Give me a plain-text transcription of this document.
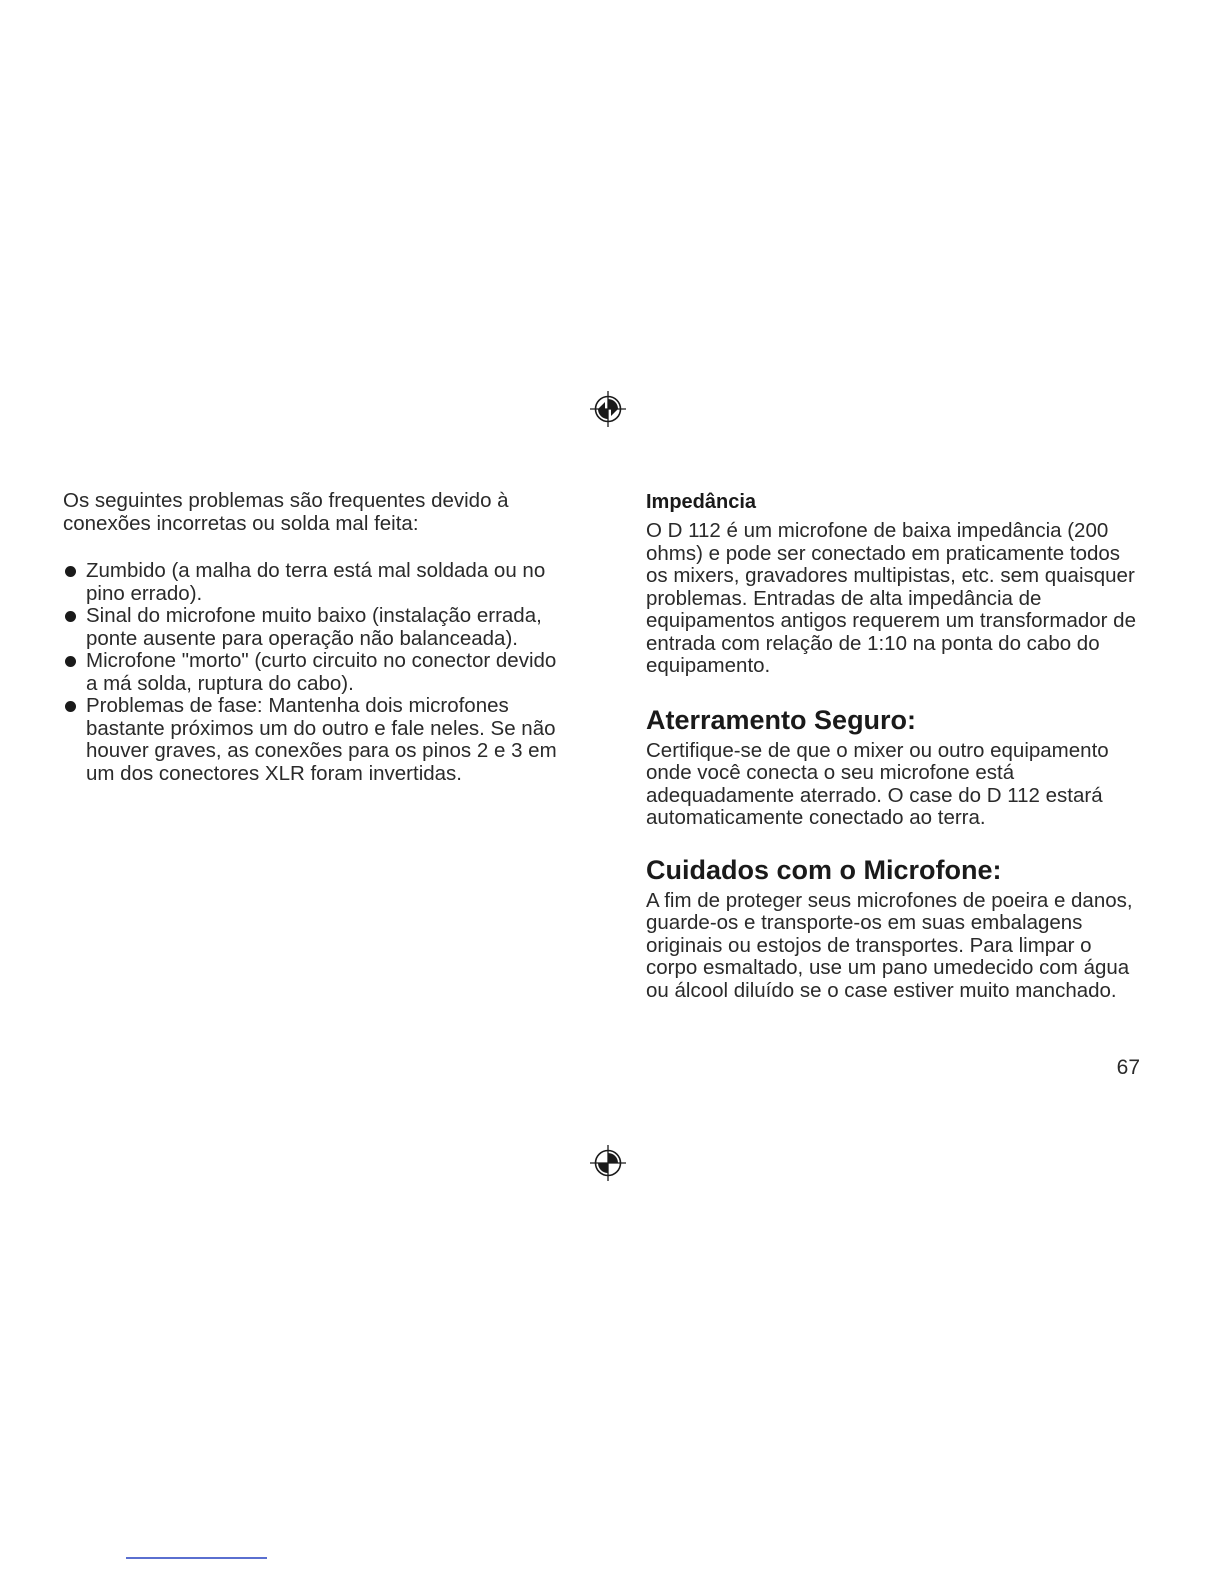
Os seguintes problemas são frequentes devido à conexões incorretas ou solda mal feita:

Zumbido (a malha do terra está mal soldada ou no pino errado).
Sinal do microfone muito baixo (instalação errada, ponte ausente para operação não balanceada).
Microfone "morto" (curto circuito no conector devido a má solda, ruptura do cabo).
Problemas de fase: Mantenha dois microfones bastante próximos um do outro e fale neles. Se não houver graves, as conexões para os pinos 2 e 3 em um dos conectores XLR foram invertidas.
Impedância

O D 112 é um microfone de baixa impedância (200 ohms) e pode ser conectado em praticamente todos os mixers, gravadores multipistas, etc. sem quaisquer problemas. Entradas de alta impedância de equipamentos antigos requerem um transformador de entrada com relação de 1:10 na ponta do cabo do equipamento.

Aterramento Seguro:

Certifique-se de que o mixer ou outro equipamento onde você conecta o seu microfone está adequadamente aterrado. O case do D 112 estará automaticamente conectado ao terra.

Cuidados com o Microfone:

A fim de proteger seus microfones de poeira e danos, guarde-os e transporte-os em suas embalagens originais ou estojos de transportes. Para limpar o corpo esmaltado, use um pano umedecido com água ou álcool diluído se o case estiver muito manchado.

67
